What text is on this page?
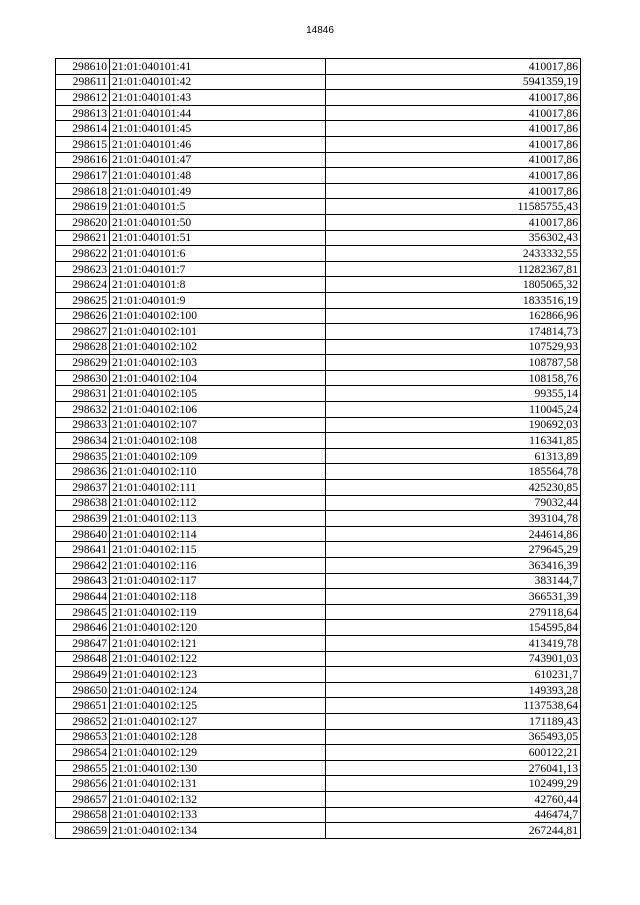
14846
298610	21:01:040101:41	410017,86
298611	21:01:040101:42	5941359,19
298612	21:01:040101:43	410017,86
298613	21:01:040101:44	410017,86
298614	21:01:040101:45	410017,86
298615	21:01:040101:46	410017,86
298616	21:01:040101:47	410017,86
298617	21:01:040101:48	410017,86
298618	21:01:040101:49	410017,86
298619	21:01:040101:5	11585755,43
298620	21:01:040101:50	410017,86
298621	21:01:040101:51	356302,43
298622	21:01:040101:6	2433332,55
298623	21:01:040101:7	11282367,81
298624	21:01:040101:8	1805065,32
298625	21:01:040101:9	1833516,19
298626	21:01:040102:100	162866,96
298627	21:01:040102:101	174814,73
298628	21:01:040102:102	107529,93
298629	21:01:040102:103	108787,58
298630	21:01:040102:104	108158,76
298631	21:01:040102:105	99355,14
298632	21:01:040102:106	110045,24
298633	21:01:040102:107	190692,03
298634	21:01:040102:108	116341,85
298635	21:01:040102:109	61313,89
298636	21:01:040102:110	185564,78
298637	21:01:040102:111	425230,85
298638	21:01:040102:112	79032,44
298639	21:01:040102:113	393104,78
298640	21:01:040102:114	244614,86
298641	21:01:040102:115	279645,29
298642	21:01:040102:116	363416,39
298643	21:01:040102:117	383144,7
298644	21:01:040102:118	366531,39
298645	21:01:040102:119	279118,64
298646	21:01:040102:120	154595,84
298647	21:01:040102:121	413419,78
298648	21:01:040102:122	743901,03
298649	21:01:040102:123	610231,7
298650	21:01:040102:124	149393,28
298651	21:01:040102:125	1137538,64
298652	21:01:040102:127	171189,43
298653	21:01:040102:128	365493,05
298654	21:01:040102:129	600122,21
298655	21:01:040102:130	276041,13
298656	21:01:040102:131	102499,29
298657	21:01:040102:132	42760,44
298658	21:01:040102:133	446474,7
298659	21:01:040102:134	267244,81
